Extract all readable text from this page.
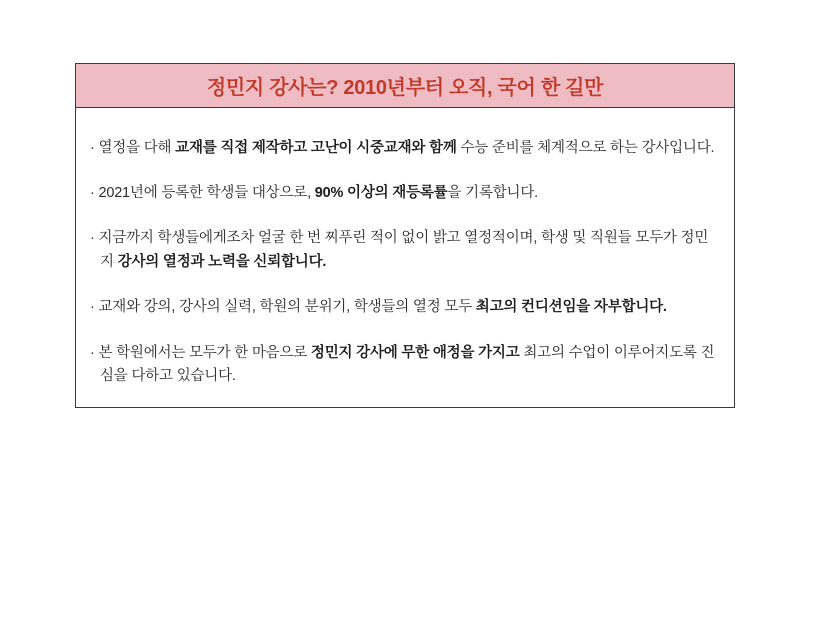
정민지 강사는? 2010년부터 오직, 국어 한 길만

· 열정을 다해 교재를 직접 제작하고 고난이 시중교재와 함께 수능 준비를 체계적으로 하는 강사입니다.

· 2021년에 등록한 학생들 대상으로, 90% 이상의 재등록률을 기록합니다.

· 지금까지 학생들에게조차 얼굴 한 번 찌푸린 적이 없이 밝고 열정적이며, 학생 및 직원들 모두가 정민지 강사의 열정과 노력을 신뢰합니다.

· 교재와 강의, 강사의 실력, 학원의 분위기, 학생들의 열정 모두 최고의 컨디션임을 자부합니다.

· 본 학원에서는 모두가 한 마음으로 정민지 강사에 무한 애정을 가지고 최고의 수업이 이루어지도록 진심을 다하고 있습니다.
